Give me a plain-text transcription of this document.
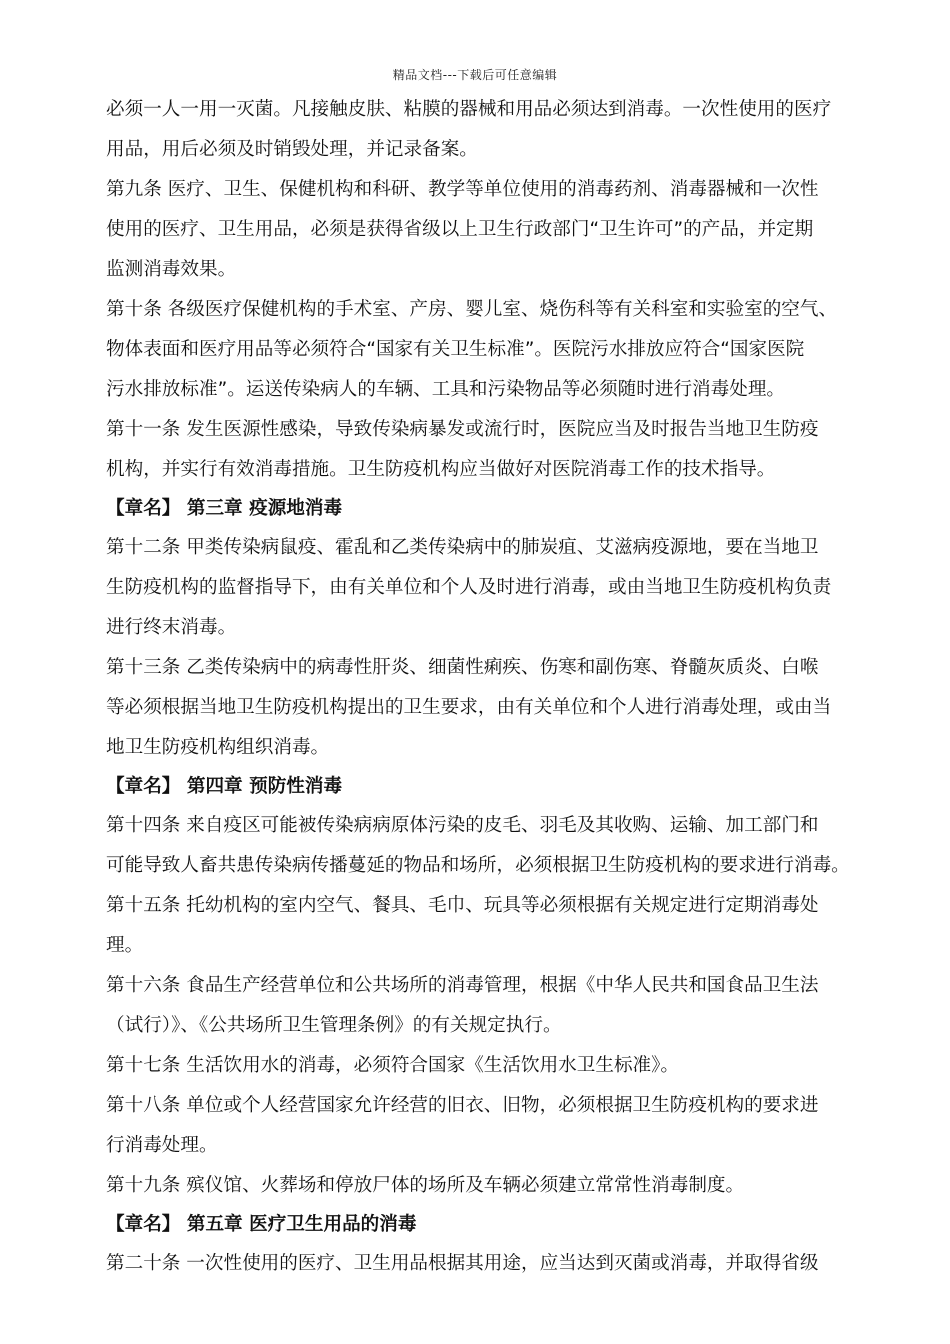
精品文档---下载后可任意编辑
必须一人一用一灭菌。凡接触皮肤、粘膜的器械和用品必须达到消毒。一次性使用的医疗
用品，用后必须及时销毁处理，并记录备案。
第九条 医疗、卫生、保健机构和科研、教学等单位使用的消毒药剂、消毒器械和一次性
使用的医疗、卫生用品，必须是获得省级以上卫生行政部门“卫生许可”的产品，并定期
监测消毒效果。
第十条 各级医疗保健机构的手术室、产房、婴儿室、烧伤科等有关科室和实验室的空气、
物体表面和医疗用品等必须符合“国家有关卫生标准”。医院污水排放应符合“国家医院
污水排放标准”。运送传染病人的车辆、工具和污染物品等必须随时进行消毒处理。
第十一条 发生医源性感染，导致传染病暴发或流行时，医院应当及时报告当地卫生防疫
机构，并实行有效消毒措施。卫生防疫机构应当做好对医院消毒工作的技术指导。
【章名】 第三章 疫源地消毒
第十二条 甲类传染病鼠疫、霍乱和乙类传染病中的肺炭疽、艾滋病疫源地，要在当地卫
生防疫机构的监督指导下，由有关单位和个人及时进行消毒，或由当地卫生防疫机构负责
进行终末消毒。
第十三条 乙类传染病中的病毒性肝炎、细菌性痢疾、伤寒和副伤寒、脊髓灰质炎、白喉
等必须根据当地卫生防疫机构提出的卫生要求，由有关单位和个人进行消毒处理，或由当
地卫生防疫机构组织消毒。
【章名】 第四章 预防性消毒
第十四条 来自疫区可能被传染病病原体污染的皮毛、羽毛及其收购、运输、加工部门和
可能导致人畜共患传染病传播蔓延的物品和场所，必须根据卫生防疫机构的要求进行消毒。
第十五条 托幼机构的室内空气、餐具、毛巾、玩具等必须根据有关规定进行定期消毒处
理。
第十六条 食品生产经营单位和公共场所的消毒管理，根据《中华人民共和国食品卫生法
（试行）》、《公共场所卫生管理条例》的有关规定执行。
第十七条 生活饮用水的消毒，必须符合国家《生活饮用水卫生标准》。
第十八条 单位或个人经营国家允许经营的旧衣、旧物，必须根据卫生防疫机构的要求进
行消毒处理。
第十九条 殡仪馆、火葬场和停放尸体的场所及车辆必须建立常常性消毒制度。
【章名】 第五章 医疗卫生用品的消毒
第二十条 一次性使用的医疗、卫生用品根据其用途，应当达到灭菌或消毒，并取得省级
